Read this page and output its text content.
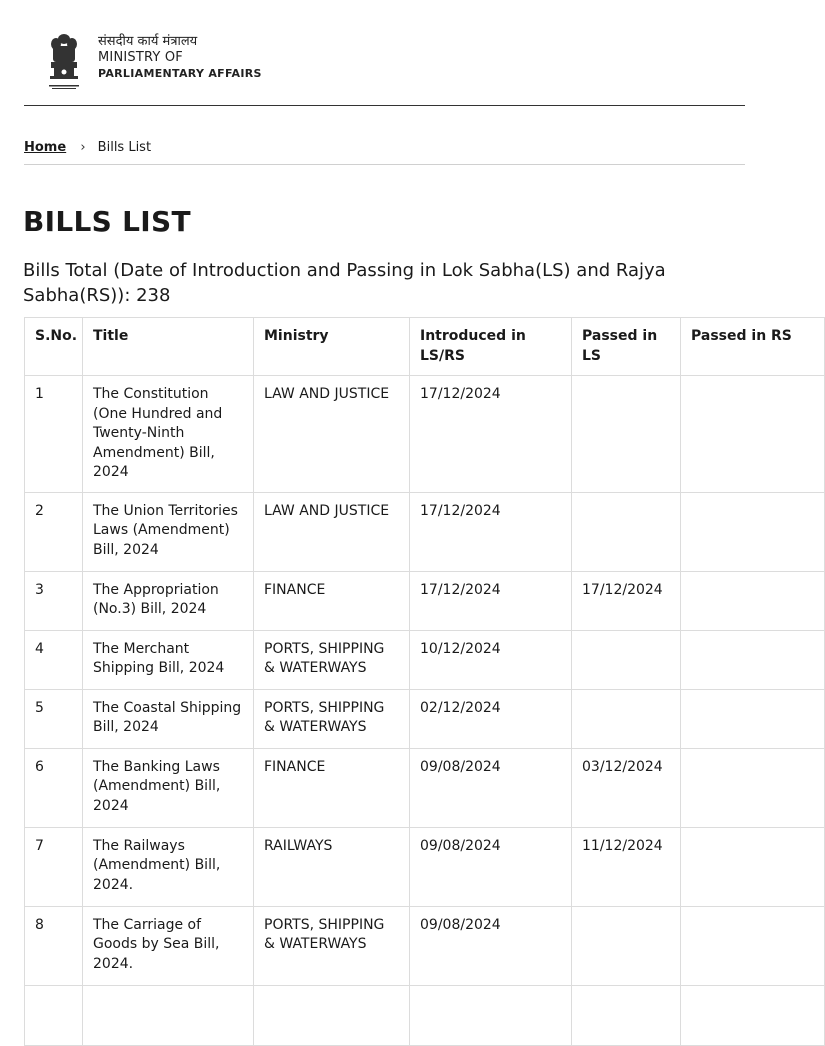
संसदीय कार्य मंत्रालय
MINISTRY OF
PARLIAMENTARY AFFAIRS
Home › Bills List
BILLS LIST
Bills Total (Date of Introduction and Passing in Lok Sabha(LS) and Rajya Sabha(RS)): 238
S.No.	Title	Ministry	Introduced in LS/RS	Passed in LS	Passed in RS
1	The Constitution (One Hundred and Twenty-Ninth Amendment) Bill, 2024	LAW AND JUSTICE	17/12/2024		
2	The Union Territories Laws (Amendment) Bill, 2024	LAW AND JUSTICE	17/12/2024		
3	The Appropriation (No.3) Bill, 2024	FINANCE	17/12/2024	17/12/2024	
4	The Merchant Shipping Bill, 2024	PORTS, SHIPPING & WATERWAYS	10/12/2024		
5	The Coastal Shipping Bill, 2024	PORTS, SHIPPING & WATERWAYS	02/12/2024		
6	The Banking Laws (Amendment) Bill, 2024	FINANCE	09/08/2024	03/12/2024	
7	The Railways (Amendment) Bill, 2024.	RAILWAYS	09/08/2024	11/12/2024	
8	The Carriage of Goods by Sea Bill, 2024.	PORTS, SHIPPING & WATERWAYS	09/08/2024		
